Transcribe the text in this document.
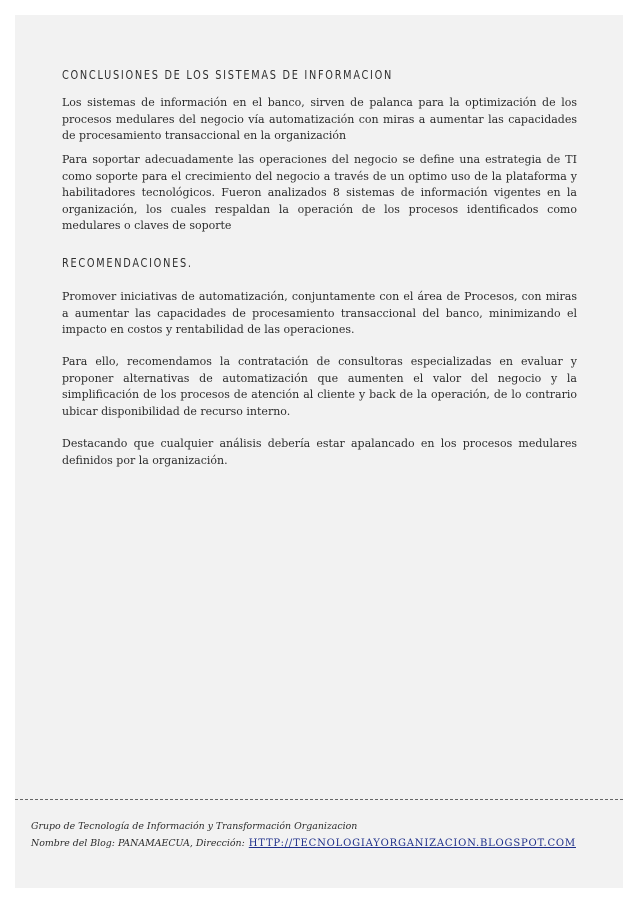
CONCLUSIONES DE LOS SISTEMAS DE INFORMACION

Los sistemas de información en el banco, sirven de palanca para la optimización de los procesos medulares del negocio vía automatización con miras a aumentar las capacidades de procesamiento transaccional en la organización

Para soportar adecuadamente las operaciones del negocio se define una estrategia de TI como soporte para el crecimiento del negocio a través de un optimo uso de la plataforma y habilitadores tecnológicos. Fueron analizados 8 sistemas de información vigentes en la organización, los cuales respaldan la operación de los procesos identificados como medulares o claves de soporte

RECOMENDACIONES.

Promover iniciativas de automatización, conjuntamente con el área de Procesos, con miras a aumentar las capacidades de procesamiento transaccional del banco, minimizando el impacto en costos y rentabilidad de las operaciones.

Para ello, recomendamos la contratación de consultoras especializadas en evaluar y proponer alternativas de automatización que aumenten el valor del negocio y la simplificación de los procesos de atención al cliente y back de la operación, de lo contrario ubicar disponibilidad de recurso interno.

Destacando que cualquier análisis debería estar apalancado en los procesos medulares definidos por la organización.

Grupo de Tecnología de Información y Transformación Organizacion

Nombre del Blog: PANAMAECUA, Dirección: HTTP://TECNOLOGIAYORGANIZACION.BLOGSPOT.COM
